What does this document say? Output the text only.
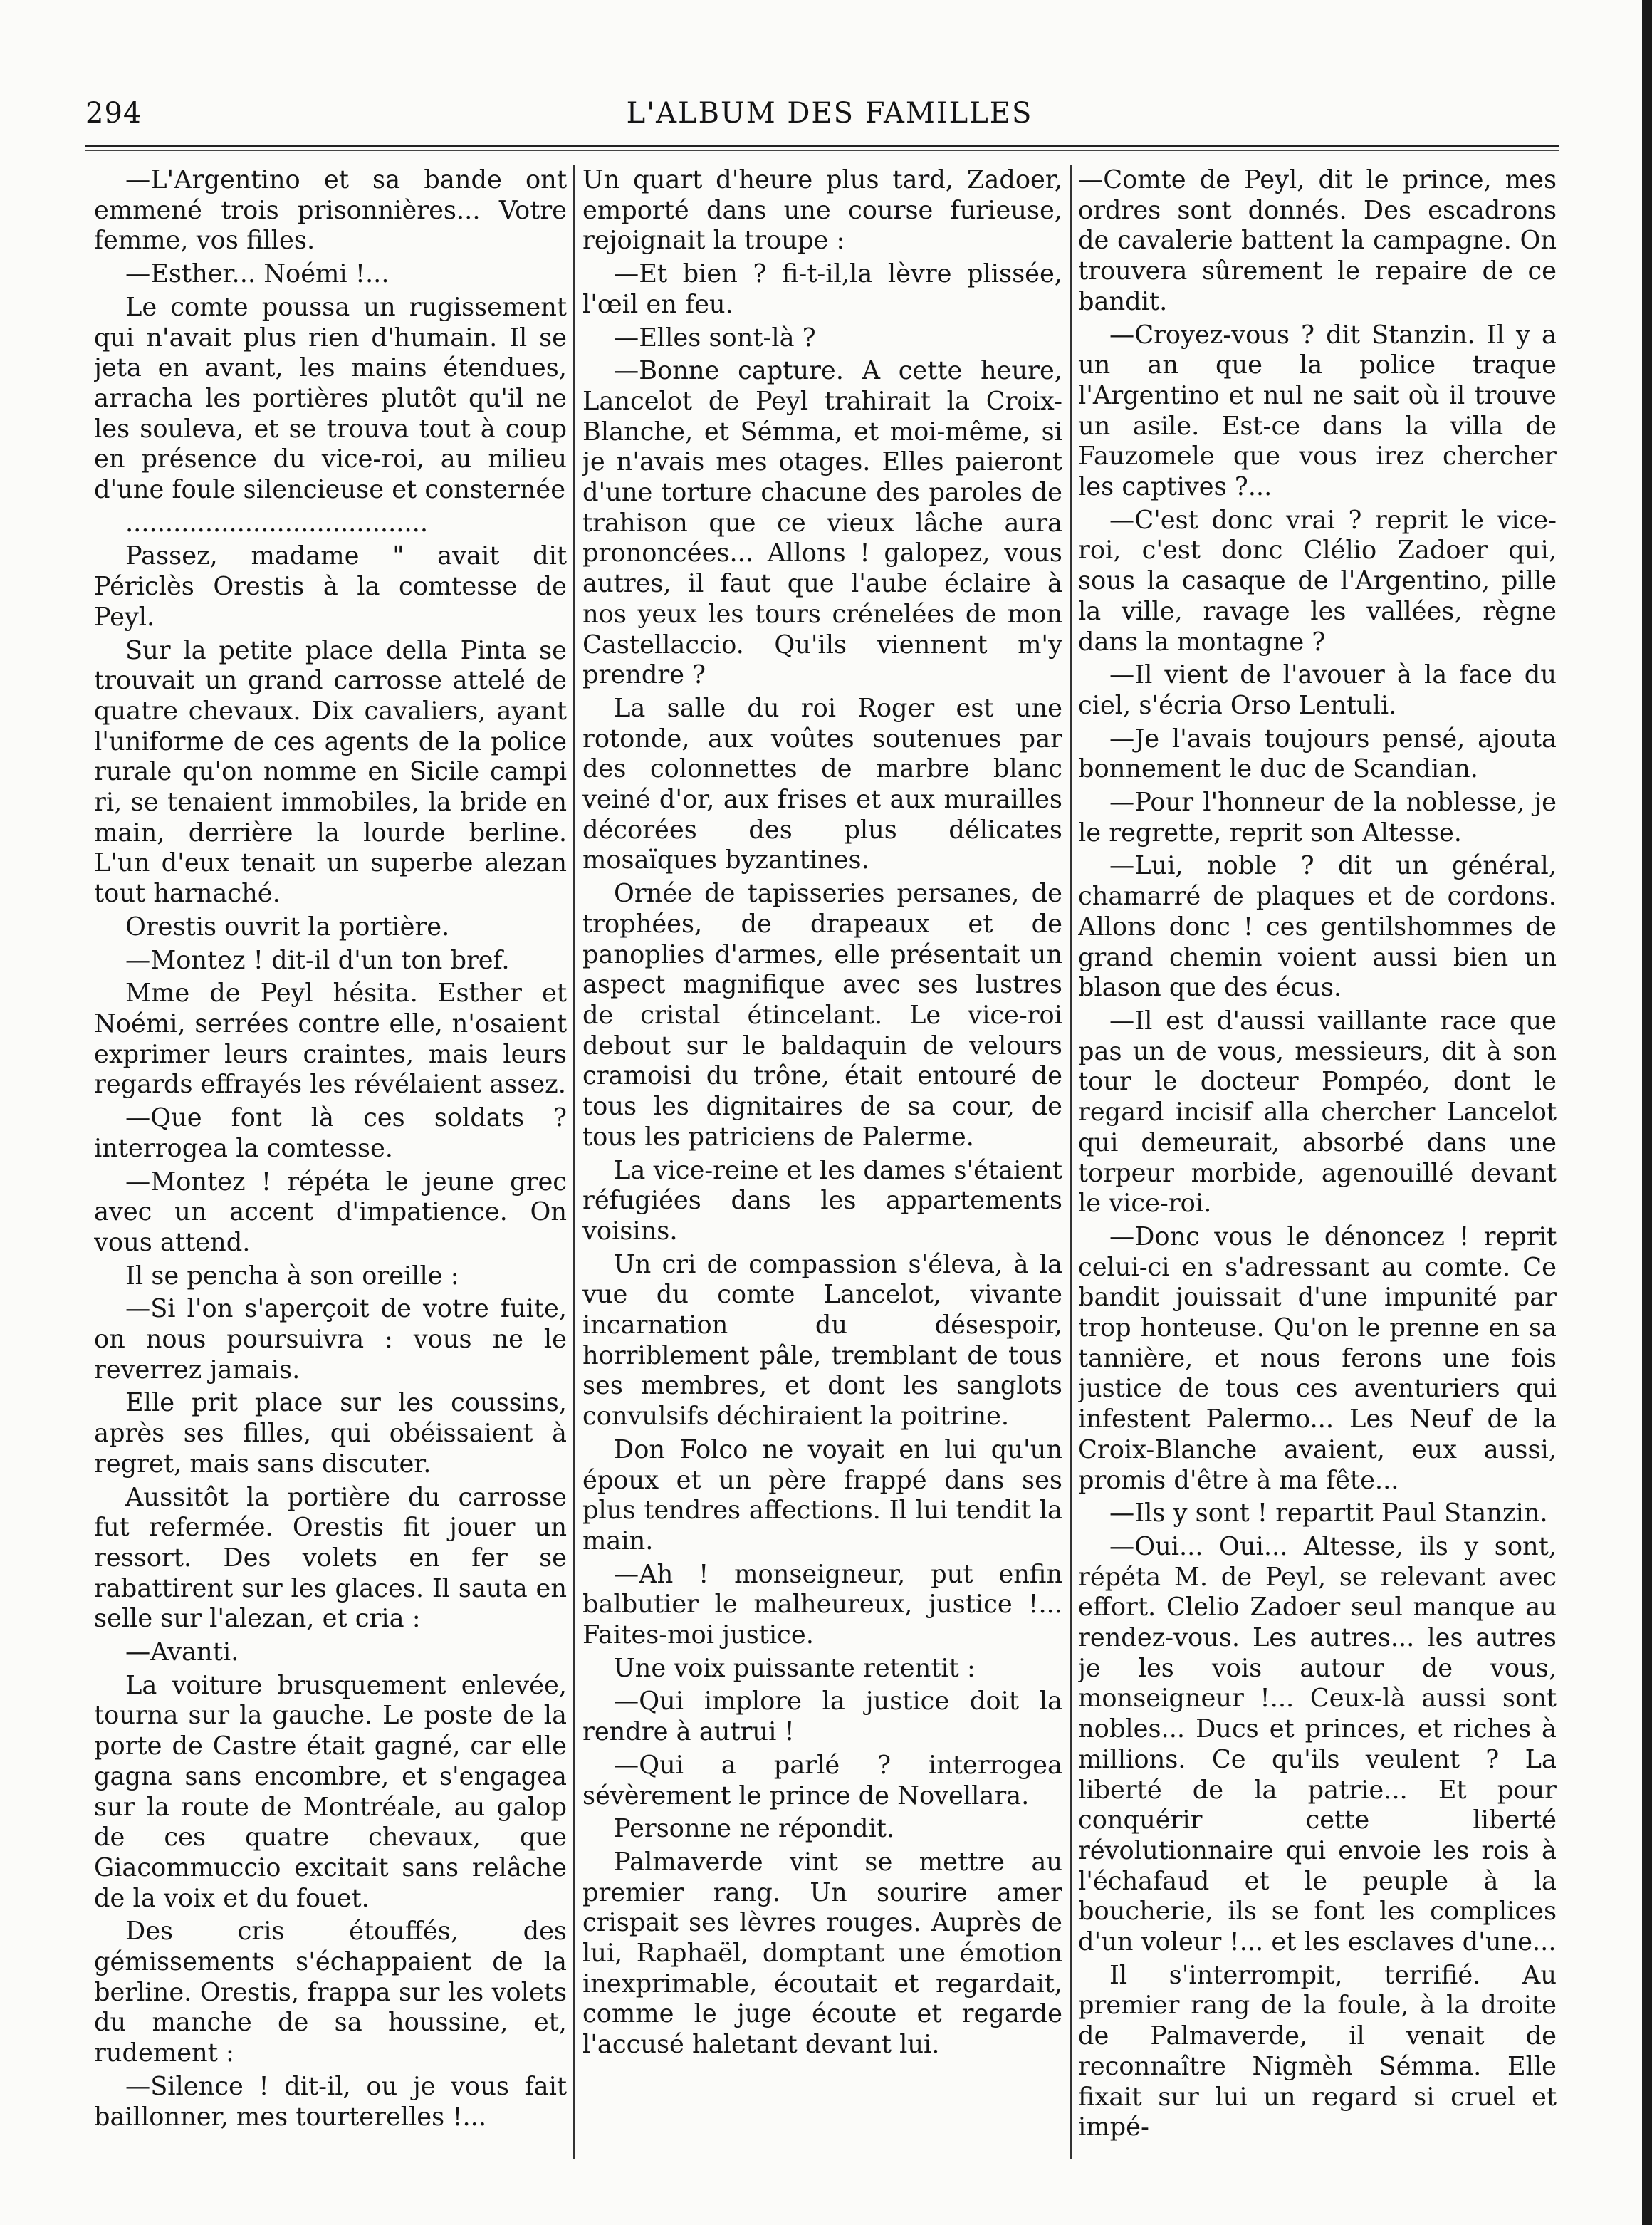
294	L'ALBUM DES FAMILLES

—L'Argentino et sa bande ont emmené trois prisonnières... Votre femme, vos filles.

—Esther... Noémi !...

Le comte poussa un rugissement qui n'avait plus rien d'humain. Il se jeta en avant, les mains étendues, arracha les portières plutôt qu'il ne les souleva, et se trouva tout à coup en présence du vice-roi, au milieu d'une foule silencieuse et consternée

......................................

Passez, madame " avait dit Périclès Orestis à la comtesse de Peyl.

Sur la petite place della Pinta se trouvait un grand carrosse attelé de quatre chevaux. Dix cavaliers, ayant l'uniforme de ces agents de la police rurale qu'on nomme en Sicile campi ri, se tenaient immobiles, la bride en main, derrière la lourde berline. L'un d'eux tenait un superbe alezan tout harnaché.

Orestis ouvrit la portière.

—Montez ! dit-il d'un ton bref.

Mme de Peyl hésita. Esther et Noémi, serrées contre elle, n'osaient exprimer leurs craintes, mais leurs regards effrayés les révélaient assez.

—Que font là ces soldats ? interrogea la comtesse.

—Montez ! répéta le jeune grec avec un accent d'impatience. On vous attend.

Il se pencha à son oreille :

—Si l'on s'aperçoit de votre fuite, on nous poursuivra : vous ne le reverrez jamais.

Elle prit place sur les coussins, après ses filles, qui obéissaient à regret, mais sans discuter.

Aussitôt la portière du carrosse fut refermée. Orestis fit jouer un ressort. Des volets en fer se rabattirent sur les glaces. Il sauta en selle sur l'alezan, et cria :

—Avanti.

La voiture brusquement enlevée, tourna sur la gauche. Le poste de la porte de Castre était gagné, car elle gagna sans encombre, et s'engagea sur la route de Montréale, au galop de ces quatre chevaux, que Giacommuccio excitait sans relâche de la voix et du fouet.

Des cris étouffés, des gémissements s'échappaient de la berline. Orestis, frappa sur les volets du manche de sa houssine, et, rudement :

—Silence ! dit-il, ou je vous fait baillonner, mes tourterelles !...

Un quart d'heure plus tard, Zadoer, emporté dans une course furieuse, rejoignait la troupe :

—Et bien ? fi-t-il,la lèvre plissée, l'œil en feu.

—Elles sont-là ?

—Bonne capture. A cette heure, Lancelot de Peyl trahirait la Croix-Blanche, et Sémma, et moi-même, si je n'avais mes otages. Elles paieront d'une torture chacune des paroles de trahison que ce vieux lâche aura prononcées... Allons ! galopez, vous autres, il faut que l'aube éclaire à nos yeux les tours crénelées de mon Castellaccio. Qu'ils viennent m'y prendre ?

La salle du roi Roger est une rotonde, aux voûtes soutenues par des colonnettes de marbre blanc veiné d'or, aux frises et aux murailles décorées des plus délicates mosaïques byzantines.

Ornée de tapisseries persanes, de trophées, de drapeaux et de panoplies d'armes, elle présentait un aspect magnifique avec ses lustres de cristal étincelant. Le vice-roi debout sur le baldaquin de velours cramoisi du trône, était entouré de tous les dignitaires de sa cour, de tous les patriciens de Palerme.

La vice-reine et les dames s'étaient réfugiées dans les appartements voisins.

Un cri de compassion s'éleva, à la vue du comte Lancelot, vivante incarnation du désespoir, horriblement pâle, tremblant de tous ses membres, et dont les sanglots convulsifs déchiraient la poitrine.

Don Folco ne voyait en lui qu'un époux et un père frappé dans ses plus tendres affections. Il lui tendit la main.

—Ah ! monseigneur, put enfin balbutier le malheureux, justice !... Faites-moi justice.

Une voix puissante retentit :

—Qui implore la justice doit la rendre à autrui !

—Qui a parlé ? interrogea sévèrement le prince de Novellara.

Personne ne répondit.

Palmaverde vint se mettre au premier rang. Un sourire amer crispait ses lèvres rouges. Auprès de lui, Raphaël, domptant une émotion inexprimable, écoutait et regardait, comme le juge écoute et regarde l'accusé haletant devant lui.

—Comte de Peyl, dit le prince, mes ordres sont donnés. Des escadrons de cavalerie battent la campagne. On trouvera sûrement le repaire de ce bandit.

—Croyez-vous ? dit Stanzin. Il y a un an que la police traque l'Argentino et nul ne sait où il trouve un asile. Est-ce dans la villa de Fauzomele que vous irez chercher les captives ?...

—C'est donc vrai ? reprit le vice-roi, c'est donc Clélio Zadoer qui, sous la casaque de l'Argentino, pille la ville, ravage les vallées, règne dans la montagne ?

—Il vient de l'avouer à la face du ciel, s'écria Orso Lentuli.

—Je l'avais toujours pensé, ajouta bonnement le duc de Scandian.

—Pour l'honneur de la noblesse, je le regrette, reprit son Altesse.

—Lui, noble ? dit un général, chamarré de plaques et de cordons. Allons donc ! ces gentilshommes de grand chemin voient aussi bien un blason que des écus.

—Il est d'aussi vaillante race que pas un de vous, messieurs, dit à son tour le docteur Pompéo, dont le regard incisif alla chercher Lancelot qui demeurait, absorbé dans une torpeur morbide, agenouillé devant le vice-roi.

—Donc vous le dénoncez ! reprit celui-ci en s'adressant au comte. Ce bandit jouissait d'une impunité par trop honteuse. Qu'on le prenne en sa tannière, et nous ferons une fois justice de tous ces aventuriers qui infestent Palermo... Les Neuf de la Croix-Blanche avaient, eux aussi, promis d'être à ma fête...

—Ils y sont ! repartit Paul Stanzin.

—Oui... Oui... Altesse, ils y sont, répéta M. de Peyl, se relevant avec effort. Clelio Zadoer seul manque au rendez-vous. Les autres... les autres je les vois autour de vous, monseigneur !... Ceux-là aussi sont nobles... Ducs et princes, et riches à millions. Ce qu'ils veulent ? La liberté de la patrie... Et pour conquérir cette liberté révolutionnaire qui envoie les rois à l'échafaud et le peuple à la boucherie, ils se font les complices d'un voleur !... et les esclaves d'une...

Il s'interrompit, terrifié. Au premier rang de la foule, à la droite de Palmaverde, il venait de reconnaître Nigmèh Sémma. Elle fixait sur lui un regard si cruel et impé-
